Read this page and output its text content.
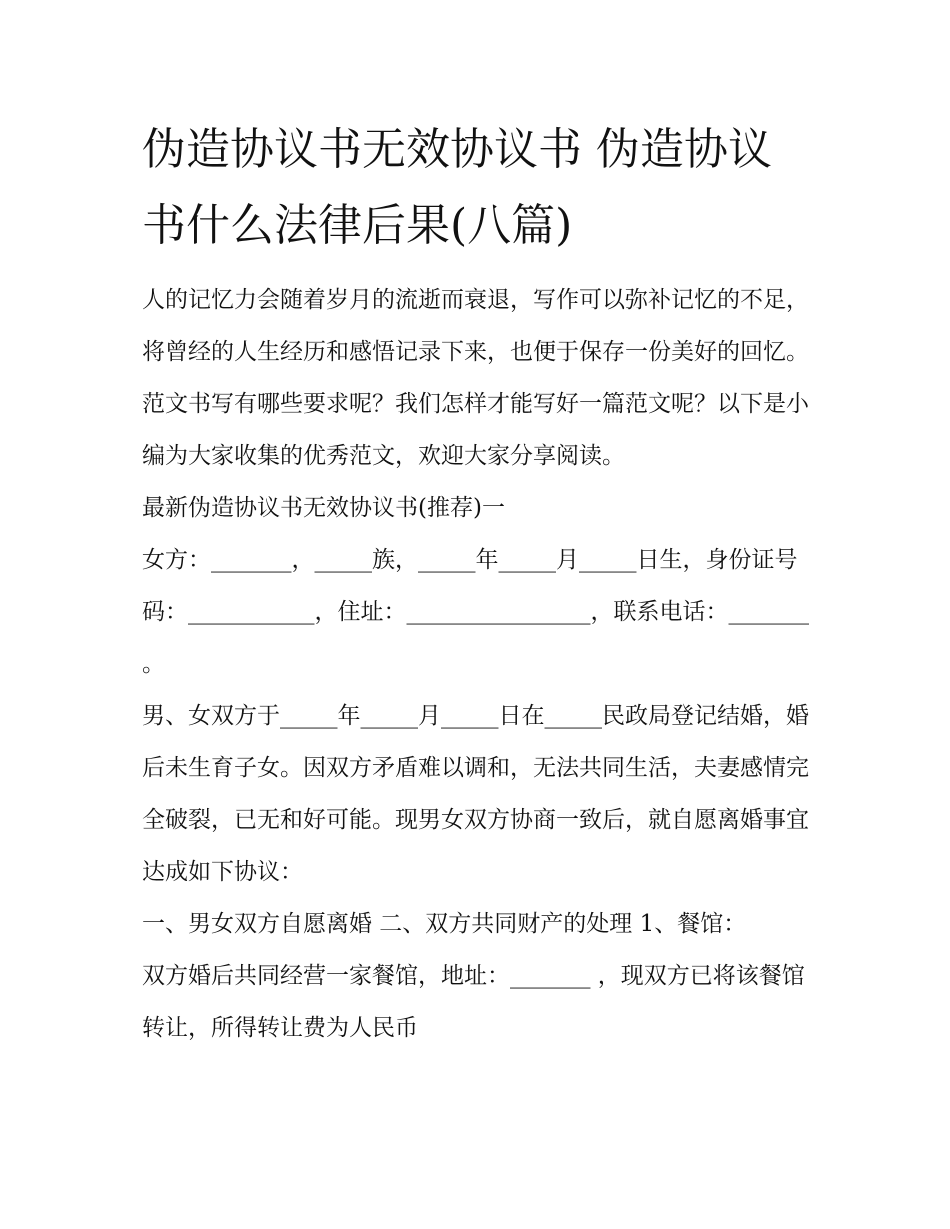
伪造协议书无效协议书 伪造协议书什么法律后果(八篇)

人的记忆力会随着岁月的流逝而衰退，写作可以弥补记忆的不足，将曾经的人生经历和感悟记录下来，也便于保存一份美好的回忆。范文书写有哪些要求呢？我们怎样才能写好一篇范文呢？以下是小编为大家收集的优秀范文，欢迎大家分享阅读。

最新伪造协议书无效协议书(推荐)一

女方：_______，_____族，_____年_____月_____日生，身份证号码：___________，住址：________________，联系电话：_______

。

男、女双方于_____年_____月_____日在_____民政局登记结婚，婚后未生育子女。因双方矛盾难以调和，无法共同生活，夫妻感情完全破裂，已无和好可能。现男女双方协商一致后，就自愿离婚事宜达成如下协议：

一、男女双方自愿离婚 二、双方共同财产的处理 1、餐馆：

双方婚后共同经营一家餐馆，地址：_______ ，现双方已将该餐馆转让，所得转让费为人民币
